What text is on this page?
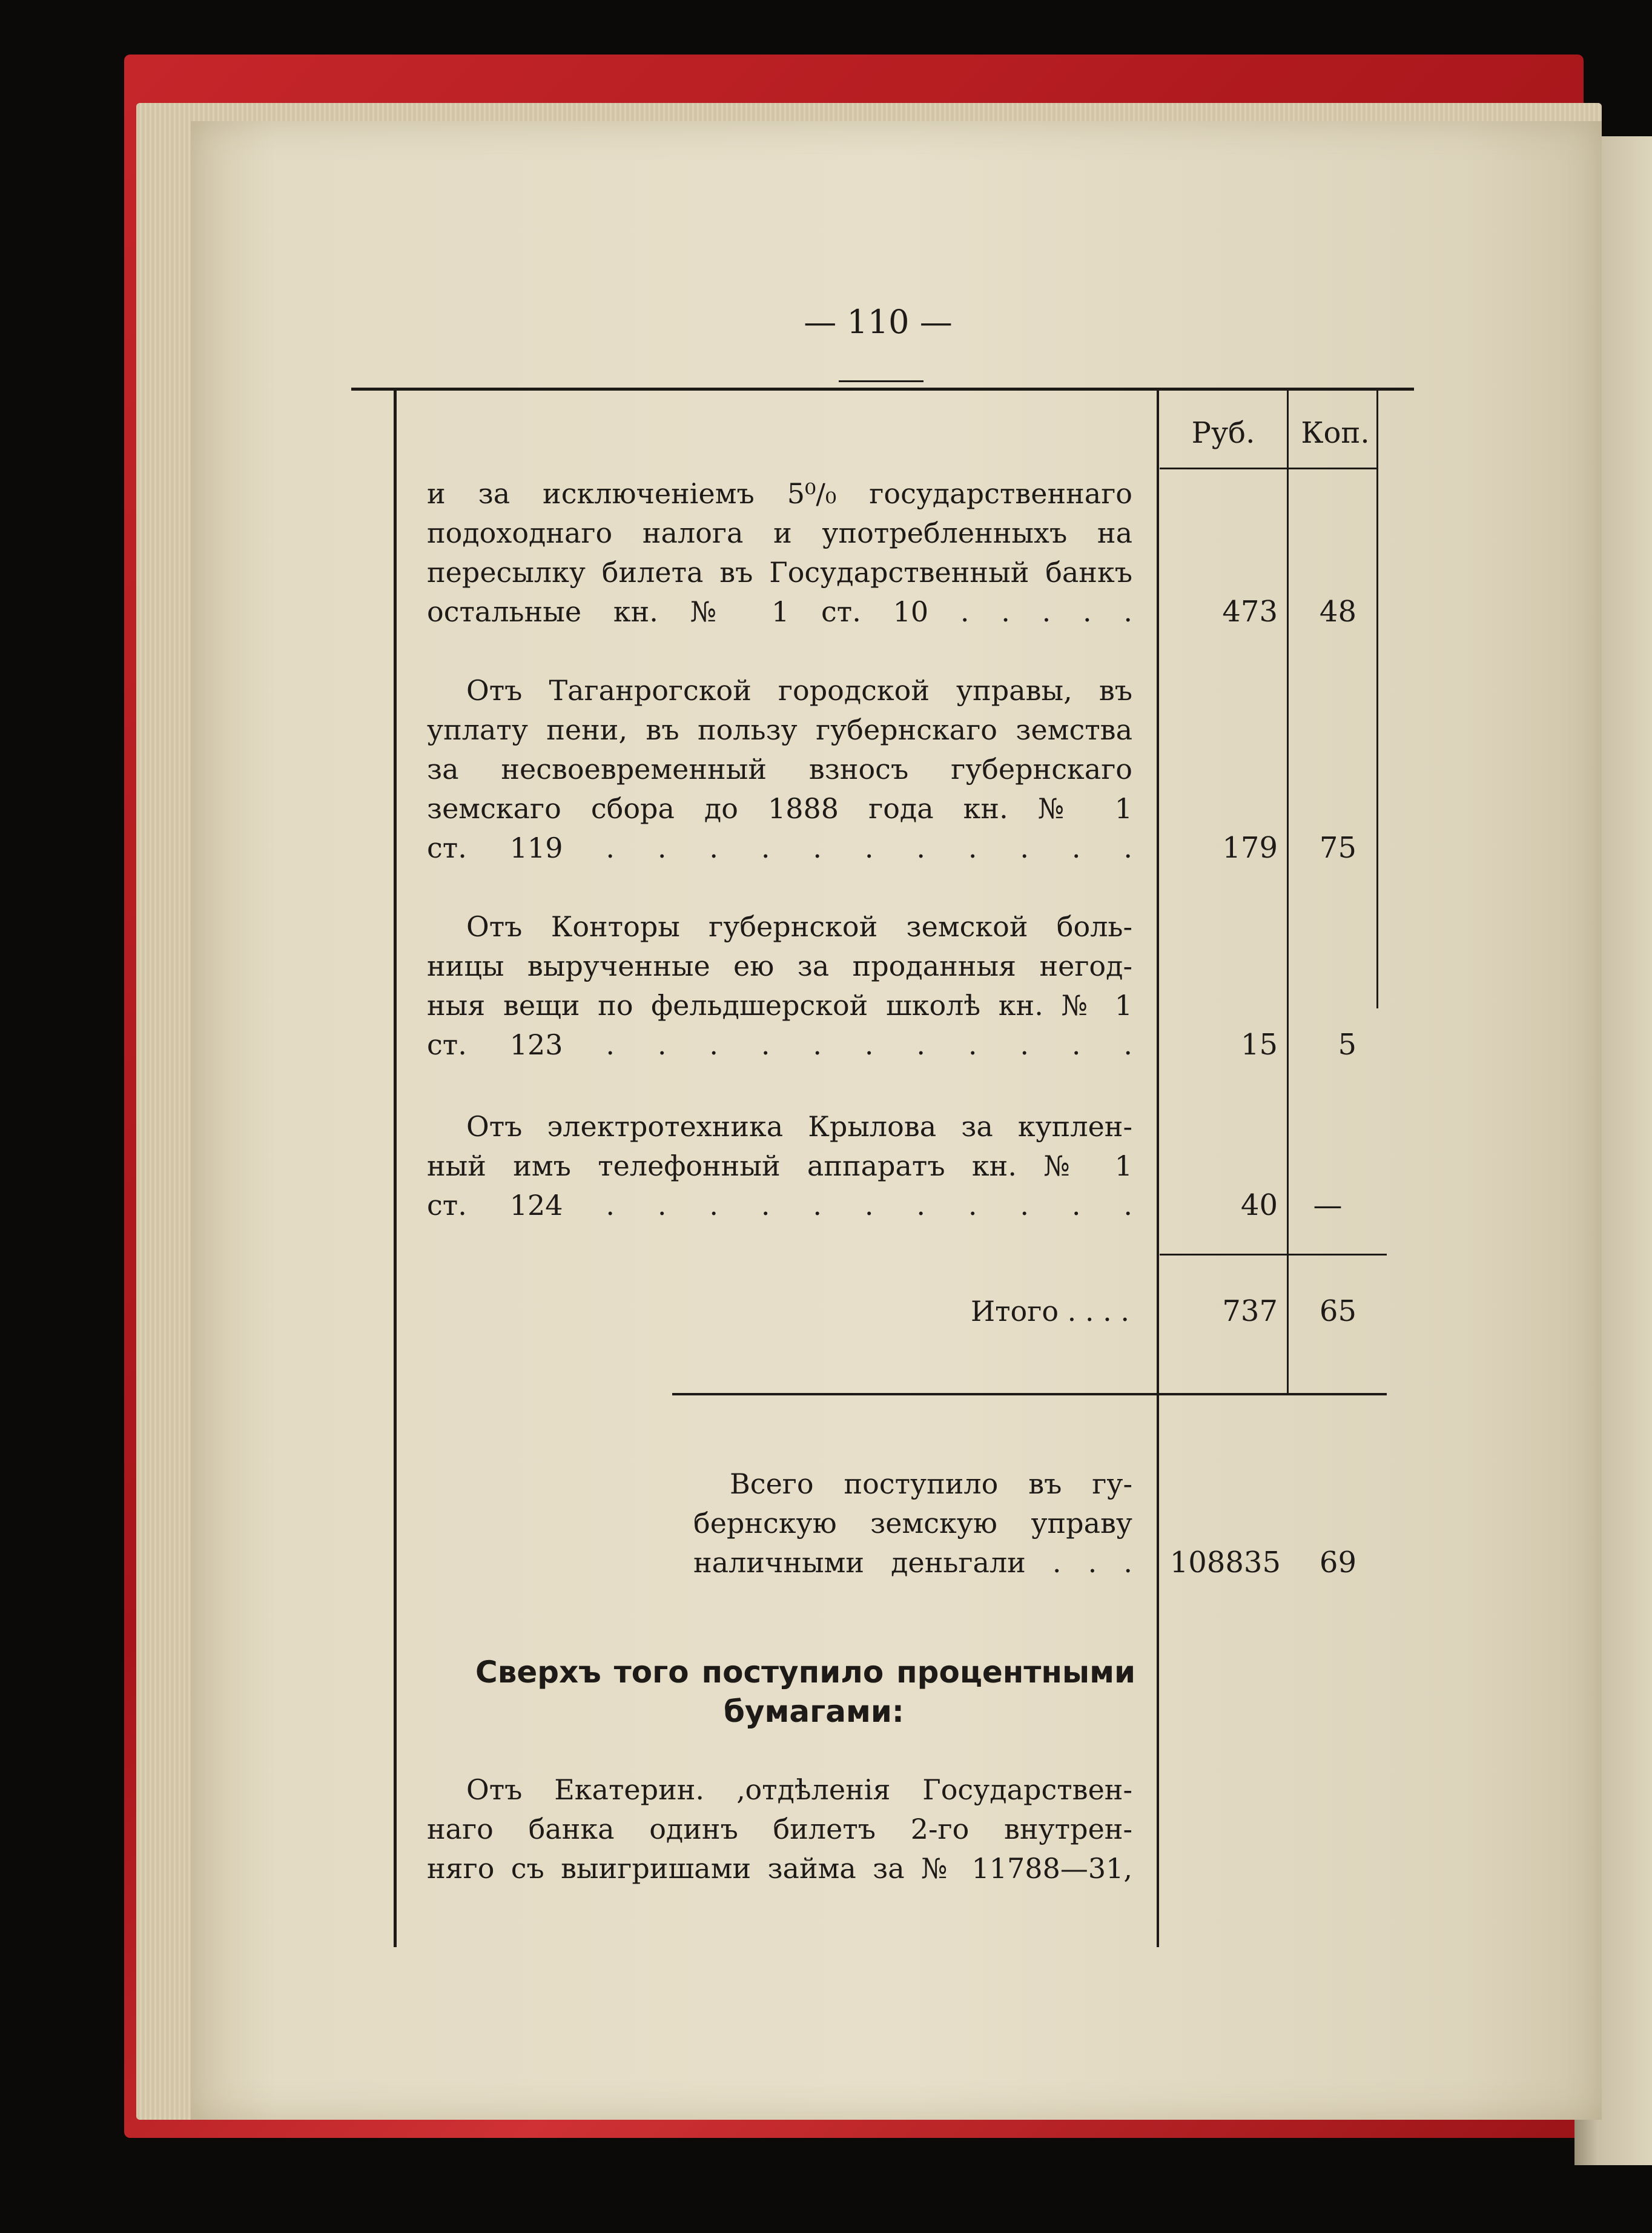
— 110 —
Руб.	Коп.
и за исключеніемъ 5⁰/₀ государственнаго
подоходнаго налога и употребленныхъ на
пересылку билета въ Государственный банкъ
остальные кн. № 1 ст. 10 . . . . .	473	48
Отъ Таганрогской городской управы, въ
уплату пени, въ пользу губернскаго земства
за несвоевременный взносъ губернскаго
земскаго сбора до 1888 года кн. № 1
ст. 119 . . . . . . . . . . .	179	75
Отъ Конторы губернской земской боль-
ницы вырученные ею за проданныя негод-
ныя вещи по фельдшерской школѣ кн. № 1
ст. 123 . . . . . . . . . . .	15	5
Отъ электротехника Крылова за куплен-
ный имъ телефонный аппаратъ кн. № 1
ст. 124 . . . . . . . . . . .	40	—
Итого . . . .	737	65
Всего поступило въ гу-
бернскую земскую управу
наличными деньгали . . .	108835	69
Сверхъ того поступило процентными
бумагами:
Отъ Екатерин. ‚отдѣленія Государствен-
наго банка одинъ билетъ 2-го внутрен-
няго съ выигришами займа за № 11788—31,
